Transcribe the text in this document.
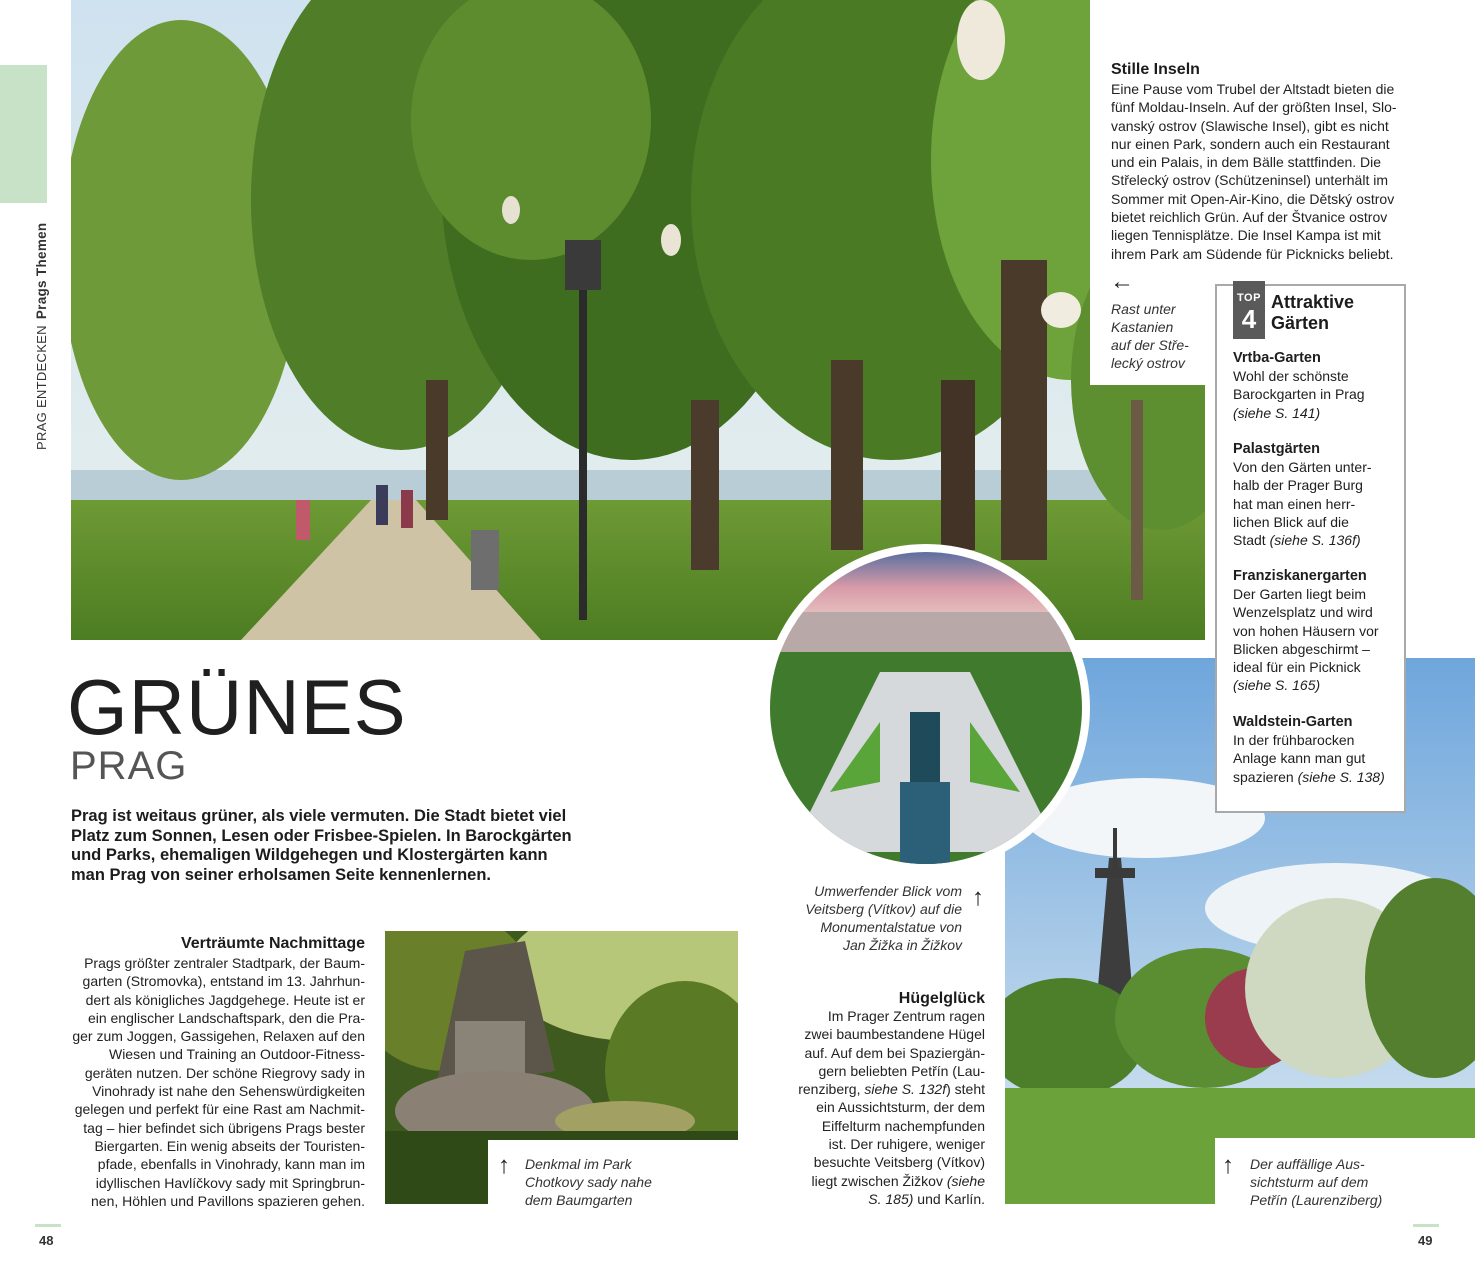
PRAG ENTDECKENPrags Themen
Stille Inseln
Eine Pause vom Trubel der Altstadt bieten die
fünf Moldau-Inseln. Auf der größten Insel, Slo-
vanský ostrov (Slawische Insel), gibt es nicht
nur einen Park, sondern auch ein Restaurant
und ein Palais, in dem Bälle stattfinden. Die
Střelecký ostrov (Schützeninsel) unterhält im
Sommer mit Open-Air-Kino, die Dětský ostrov
bietet reichlich Grün. Auf der Štvanice ostrov
liegen Tennisplätze. Die Insel Kampa ist mit
ihrem Park am Südende für Picknicks beliebt.
←
Rast unter
Kastanien
auf der Stře-
lecký ostrov
TOP
4
Attraktive
Gärten
Vrtba-Garten
Wohl der schönste
Barockgarten in Prag
(siehe S. 141)
Palastgärten
Von den Gärten unter-
halb der Prager Burg
hat man einen herr-
lichen Blick auf die
Stadt (siehe S. 136f)
Franziskanergarten
Der Garten liegt beim
Wenzelsplatz und wird
von hohen Häusern vor
Blicken abgeschirmt –
ideal für ein Picknick
(siehe S. 165)
Waldstein-Garten
In der frühbarocken
Anlage kann man gut
spazieren (siehe S. 138)
Umwerfender Blick vom
Veitsberg (Vítkov) auf die
Monumentalstatue von
Jan Žižka in Žižkov
↑
GRÜNES
PRAG
Prag ist weitaus grüner, als viele vermuten. Die Stadt bietet viel Platz zum Sonnen, Lesen oder Frisbee-Spielen. In Barockgärten und Parks, ehemaligen Wildgehegen und Klostergärten kann man Prag von seiner erholsamen Seite kennenlernen.
Verträumte Nachmittage
Prags größter zentraler Stadtpark, der Baum-
garten (Stromovka), entstand im 13. Jahrhun-
dert als königliches Jagdgehege. Heute ist er
ein englischer Landschaftspark, den die Pra-
ger zum Joggen, Gassigehen, Relaxen auf den
Wiesen und Training an Outdoor-Fitness-
geräten nutzen. Der schöne Riegrovy sady in
Vinohrady ist nahe den Sehenswürdigkeiten
gelegen und perfekt für eine Rast am Nachmit-
tag – hier befindet sich übrigens Prags bester
Biergarten. Ein wenig abseits der Touristen-
pfade, ebenfalls in Vinohrady, kann man im
idyllischen Havlíčkovy sady mit Springbrun-
nen, Höhlen und Pavillons spazieren gehen.
↑ Denkmal im Park
Chotkovy sady nahe
dem Baumgarten
Hügelglück
Im Prager Zentrum ragen
zwei baumbestandene Hügel
auf. Auf dem bei Spaziergän-
gern beliebten Petřín (Lau-
renziberg, siehe S. 132f) steht
ein Aussichtsturm, der dem
Eiffelturm nachempfunden
ist. Der ruhigere, weniger
besuchte Veitsberg (Vítkov)
liegt zwischen Žižkov (siehe
S. 185) und Karlín.
↑ Der auffällige Aus-
sichtsturm auf dem
Petřín (Laurenziberg)
48	49
